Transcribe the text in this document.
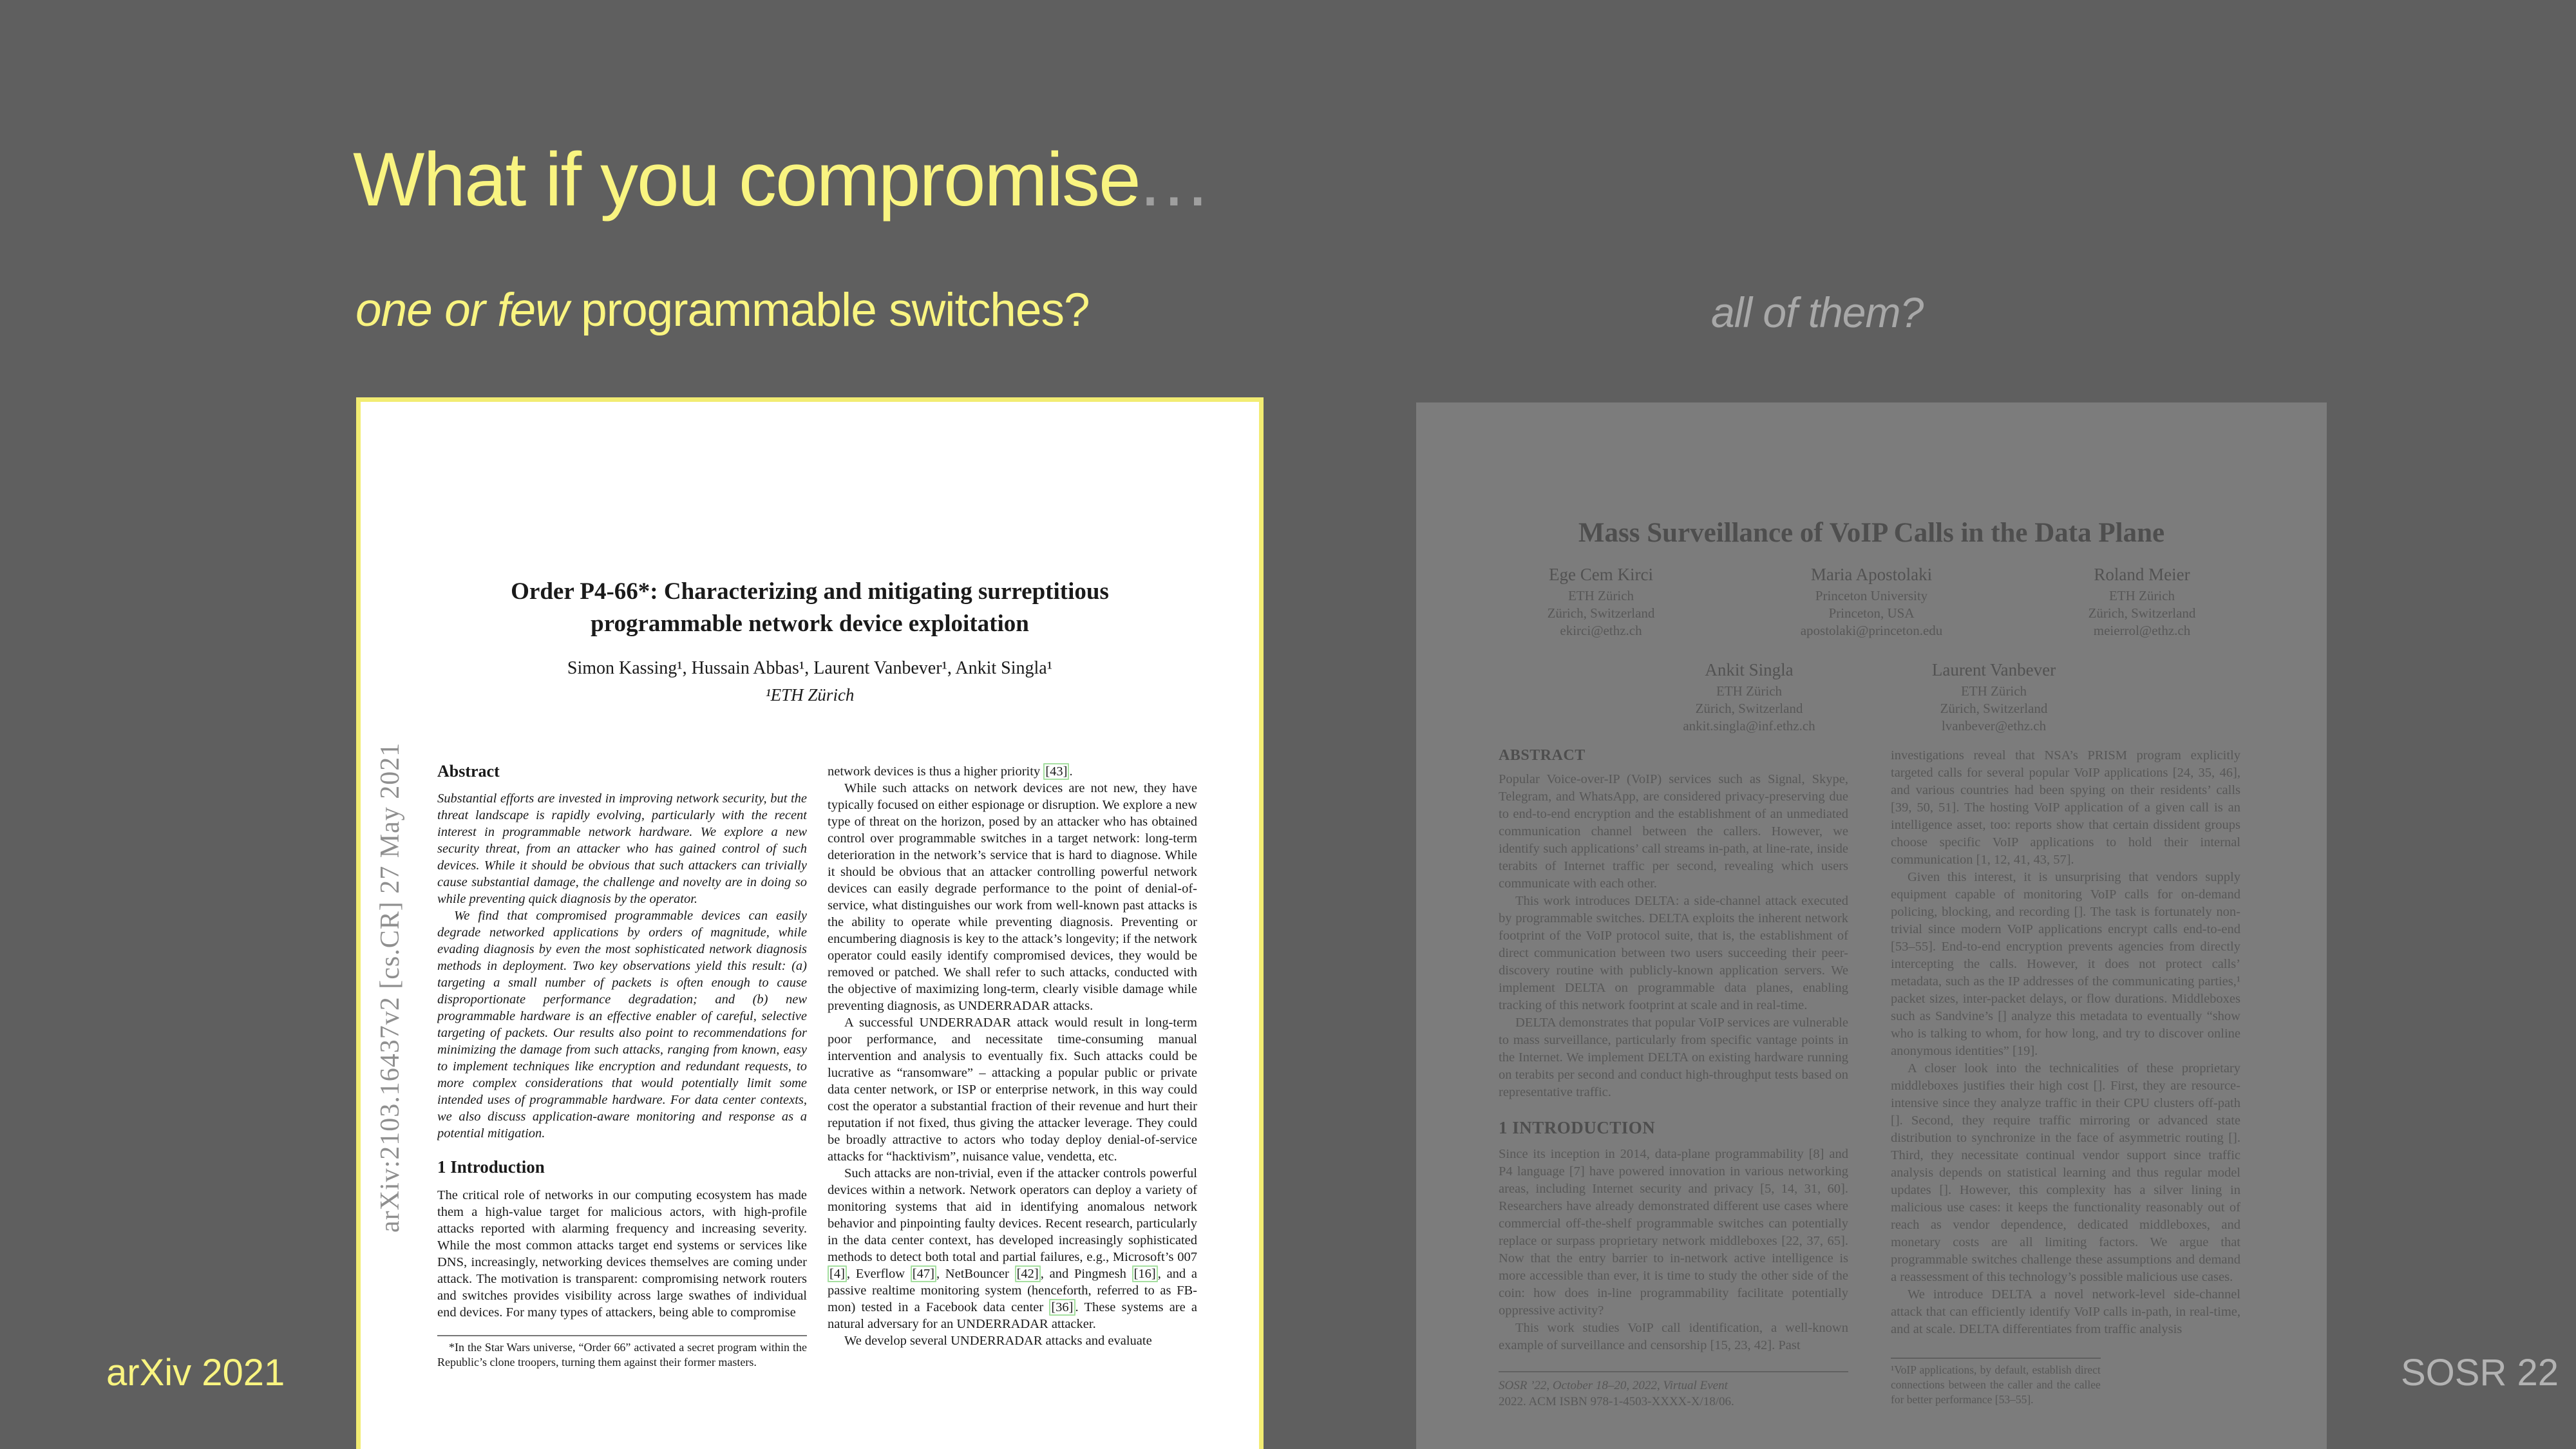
What if you compromise...
one or few programmable switches?	all of them?
arXiv:2103.16437v2 [cs.CR] 27 May 2021
Order P4-66*: Characterizing and mitigating surreptitious programmable network device exploitation
Simon Kassing¹, Hussain Abbas¹, Laurent Vanbever¹, Ankit Singla¹
¹ETH Zürich
Abstract

Substantial efforts are invested in improving network security, but the threat landscape is rapidly evolving, particularly with the recent interest in programmable network hardware. We explore a new security threat, from an attacker who has gained control of such devices. While it should be obvious that such attackers can trivially cause substantial damage, the challenge and novelty are in doing so while preventing quick diagnosis by the operator.

We find that compromised programmable devices can easily degrade networked applications by orders of magnitude, while evading diagnosis by even the most sophisticated network diagnosis methods in deployment. Two key observations yield this result: (a) targeting a small number of packets is often enough to cause disproportionate performance degradation; and (b) new programmable hardware is an effective enabler of careful, selective targeting of packets. Our results also point to recommendations for minimizing the damage from such attacks, ranging from known, easy to implement techniques like encryption and redundant requests, to more complex considerations that would potentially limit some intended uses of programmable hardware. For data center contexts, we also discuss application-aware monitoring and response as a potential mitigation.

1 Introduction

The critical role of networks in our computing ecosystem has made them a high-value target for malicious actors, with high-profile attacks reported with alarming frequency and increasing severity. While the most common attacks target end systems or services like DNS, increasingly, networking devices themselves are coming under attack. The motivation is transparent: compromising network routers and switches provides visibility across large swathes of individual end devices. For many types of attackers, being able to compromise

*In the Star Wars universe, “Order 66” activated a secret program within the Republic’s clone troopers, turning them against their former masters.

network devices is thus a higher priority [43] .

While such attacks on network devices are not new, they have typically focused on either espionage or disruption. We explore a new type of threat on the horizon, posed by an attacker who has obtained control over programmable switches in a target network: long-term deterioration in the network’s service that is hard to diagnose. While it should be obvious that an attacker controlling powerful network devices can easily degrade performance to the point of denial-of-service, what distinguishes our work from well-known past attacks is the ability to operate while preventing diagnosis. Preventing or encumbering diagnosis is key to the attack’s longevity; if the network operator could easily identify compromised devices, they would be removed or patched. We shall refer to such attacks, conducted with the objective of maximizing long-term, clearly visible damage while preventing diagnosis, as UNDERRADAR attacks.

A successful UNDERRADAR attack would result in long-term poor performance, and necessitate time-consuming manual intervention and analysis to eventually fix. Such attacks could be lucrative as “ransomware” – attacking a popular public or private data center network, or ISP or enterprise network, in this way could cost the operator a substantial fraction of their revenue and hurt their reputation if not fixed, thus giving the attacker leverage. They could be broadly attractive to actors who today deploy denial-of-service attacks for “hacktivism”, nuisance value, vendetta, etc.

Such attacks are non-trivial, even if the attacker controls powerful devices within a network. Network operators can deploy a variety of monitoring systems that aid in identifying anomalous network behavior and pinpointing faulty devices. Recent research, particularly in the data center context, has developed increasingly sophisticated methods to detect both total and partial failures, e.g., Microsoft’s 007 [4] , Everflow [47] , NetBouncer [42] , and Pingmesh [16] , and a passive realtime monitoring system (henceforth, referred to as FB-mon) tested in a Facebook data center [36] . These systems are a natural adversary for an UNDERRADAR attacker.

We develop several UNDERRADAR attacks and evaluate

Mass Surveillance of VoIP Calls in the Data Plane
Ege Cem Kirci
ETH Zürich
Zürich, Switzerland
ekirci@ethz.ch
Maria Apostolaki
Princeton University
Princeton, USA
apostolaki@princeton.edu
Roland Meier
ETH Zürich
Zürich, Switzerland
meierrol@ethz.ch
Ankit Singla
ETH Zürich
Zürich, Switzerland
ankit.singla@inf.ethz.ch
Laurent Vanbever
ETH Zürich
Zürich, Switzerland
lvanbever@ethz.ch
ABSTRACT

Popular Voice-over-IP (VoIP) services such as Signal, Skype, Telegram, and WhatsApp, are considered privacy-preserving due to end-to-end encryption and the establishment of an unmediated communication channel between the callers. However, we identify such applications’ call streams in-path, at line-rate, inside terabits of Internet traffic per second, revealing which users communicate with each other.

This work introduces DELTA: a side-channel attack executed by programmable switches. DELTA exploits the inherent network footprint of the VoIP protocol suite, that is, the establishment of direct communication between two users succeeding their peer-discovery routine with publicly-known application servers. We implement DELTA on programmable data planes, enabling tracking of this network footprint at scale and in real-time.

DELTA demonstrates that popular VoIP services are vulnerable to mass surveillance, particularly from specific vantage points in the Internet. We implement DELTA on existing hardware running on terabits per second and conduct high-throughput tests based on representative traffic.

1 INTRODUCTION

Since its inception in 2014, data-plane programmability [8] and P4 language [7] have powered innovation in various networking areas, including Internet security and privacy [5, 14, 31, 60]. Researchers have already demonstrated different use cases where commercial off-the-shelf programmable switches can potentially replace or surpass proprietary network middleboxes [22, 37, 65]. Now that the entry barrier to in-network active intelligence is more accessible than ever, it is time to study the other side of the coin: how does in-line programmability facilitate potentially oppressive activity?

This work studies VoIP call identification, a well-known example of surveillance and censorship [15, 23, 42]. Past

SOSR ’22, October 18–20, 2022, Virtual Event
2022. ACM ISBN 978-1-4503-XXXX-X/18/06.

investigations reveal that NSA’s PRISM program explicitly targeted calls for several popular VoIP applications [24, 35, 46], and various countries had been spying on their residents’ calls [39, 50, 51]. The hosting VoIP application of a given call is an intelligence asset, too: reports show that certain dissident groups choose specific VoIP applications to hold their internal communication [1, 12, 41, 43, 57].

Given this interest, it is unsurprising that vendors supply equipment capable of monitoring VoIP calls for on-demand policing, blocking, and recording []. The task is fortunately non-trivial since modern VoIP applications encrypt calls end-to-end [53–55]. End-to-end encryption prevents agencies from directly intercepting the calls. However, it does not protect calls’ metadata, such as the IP addresses of the communicating parties,¹ packet sizes, inter-packet delays, or flow durations. Middleboxes such as Sandvine’s [] analyze this metadata to eventually “show who is talking to whom, for how long, and try to discover online anonymous identities” [19].

A closer look into the technicalities of these proprietary middleboxes justifies their high cost []. First, they are resource-intensive since they analyze traffic in their CPU clusters off-path []. Second, they require traffic mirroring or advanced state distribution to synchronize in the face of asymmetric routing []. Third, they necessitate continual vendor support since traffic analysis depends on statistical learning and thus regular model updates []. However, this complexity has a silver lining in malicious use cases: it keeps the functionality reasonably out of reach as vendor dependence, dedicated middleboxes, and monetary costs are all limiting factors. We argue that programmable switches challenge these assumptions and demand a reassessment of this technology’s possible malicious use cases.

We introduce DELTA a novel network-level side-channel attack that can efficiently identify VoIP calls in-path, in real-time, and at scale. DELTA differentiates from traffic analysis

¹VoIP applications, by default, establish direct connections between the caller and the callee for better performance [53–55].
arXiv 2021	SOSR 22
